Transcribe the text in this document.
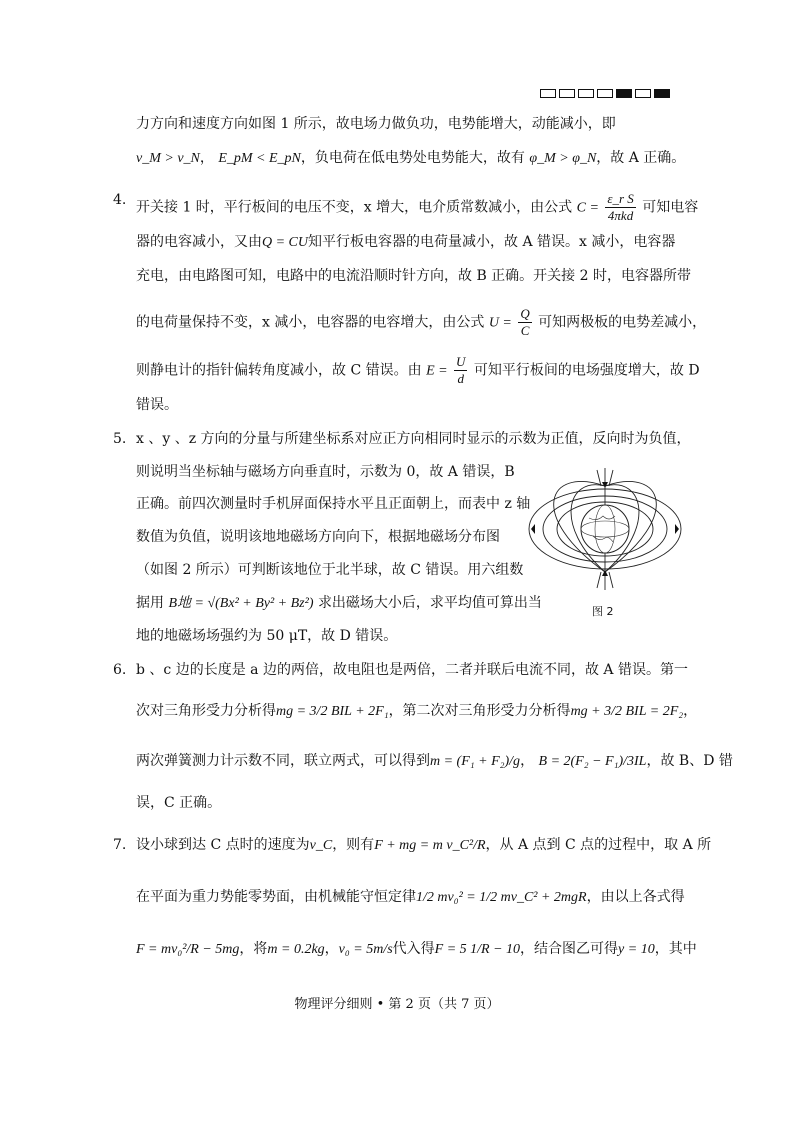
力方向和速度方向如图 1 所示，故电场力做负功，电势能增大，动能减小，即
v_M > v_N， E_pM < E_pN，负电荷在低电势处电势能大，故有 φ_M > φ_N，故 A 正确。
4. 开关接 1 时，平行板间的电压不变，x 增大，电介质常数减小，由公式 $C = \frac{\text{ε\_r S}}{\text{4πkd}}$ 可知电容
器的电容减小，又由Q = CU知平行板电容器的电荷量减小，故 A 错误。x 减小，电容器
充电，由电路图可知，电路中的电流沿顺时针方向，故 B 正确。开关接 2 时，电容器所带
的电荷量保持不变，x 减小，电容器的电容增大，由公式 $U = \frac{Q}{C}$ 可知两极板的电势差减小，
则静电计的指针偏转角度减小，故 C 错误。由 $E = \frac{U}{d}$ 可知平行板间的电场强度增大，故 D
错误。
5. x 、y 、z 方向的分量与所建坐标系对应正方向相同时显示的示数为正值，反向时为负值，
则说明当坐标轴与磁场方向垂直时，示数为 0，故 A 错误，B
正确。前四次测量时手机屏面保持水平且正面朝上，而表中 z 轴
数值为负值，说明该地地磁场方向向下，根据地磁场分布图
（如图 2 所示）可判断该地位于北半球，故 C 错误。用六组数
据用 B地 = √(Bx² + By² + Bz²) 求出磁场大小后，求平均值可算出当
地的地磁场场强约为 50 μT，故 D 错误。
图 2
6. b 、c 边的长度是 a 边的两倍，故电阻也是两倍，二者并联后电流不同，故 A 错误。第一
次对三角形受力分析得mg = 3/2 BIL + 2F₁，第二次对三角形受力分析得mg + 3/2 BIL = 2F₂，
两次弹簧测力计示数不同，联立两式，可以得到m = (F₁ + F₂)/g， B = 2(F₂ − F₁)/3IL，故 B、D 错
误，C 正确。
7. 设小球到达 C 点时的速度为v_C，则有F + mg = m v_C²/R，从 A 点到 C 点的过程中，取 A 所
在平面为重力势能零势面，由机械能守恒定律1/2 mv₀² = 1/2 mv_C² + 2mgR，由以上各式得
F = mv₀²/R − 5mg，将m = 0.2kg，v₀ = 5m/s代入得F = 5 1/R − 10，结合图乙可得y = 10，其中
物理评分细则 • 第 2 页（共 7 页）
